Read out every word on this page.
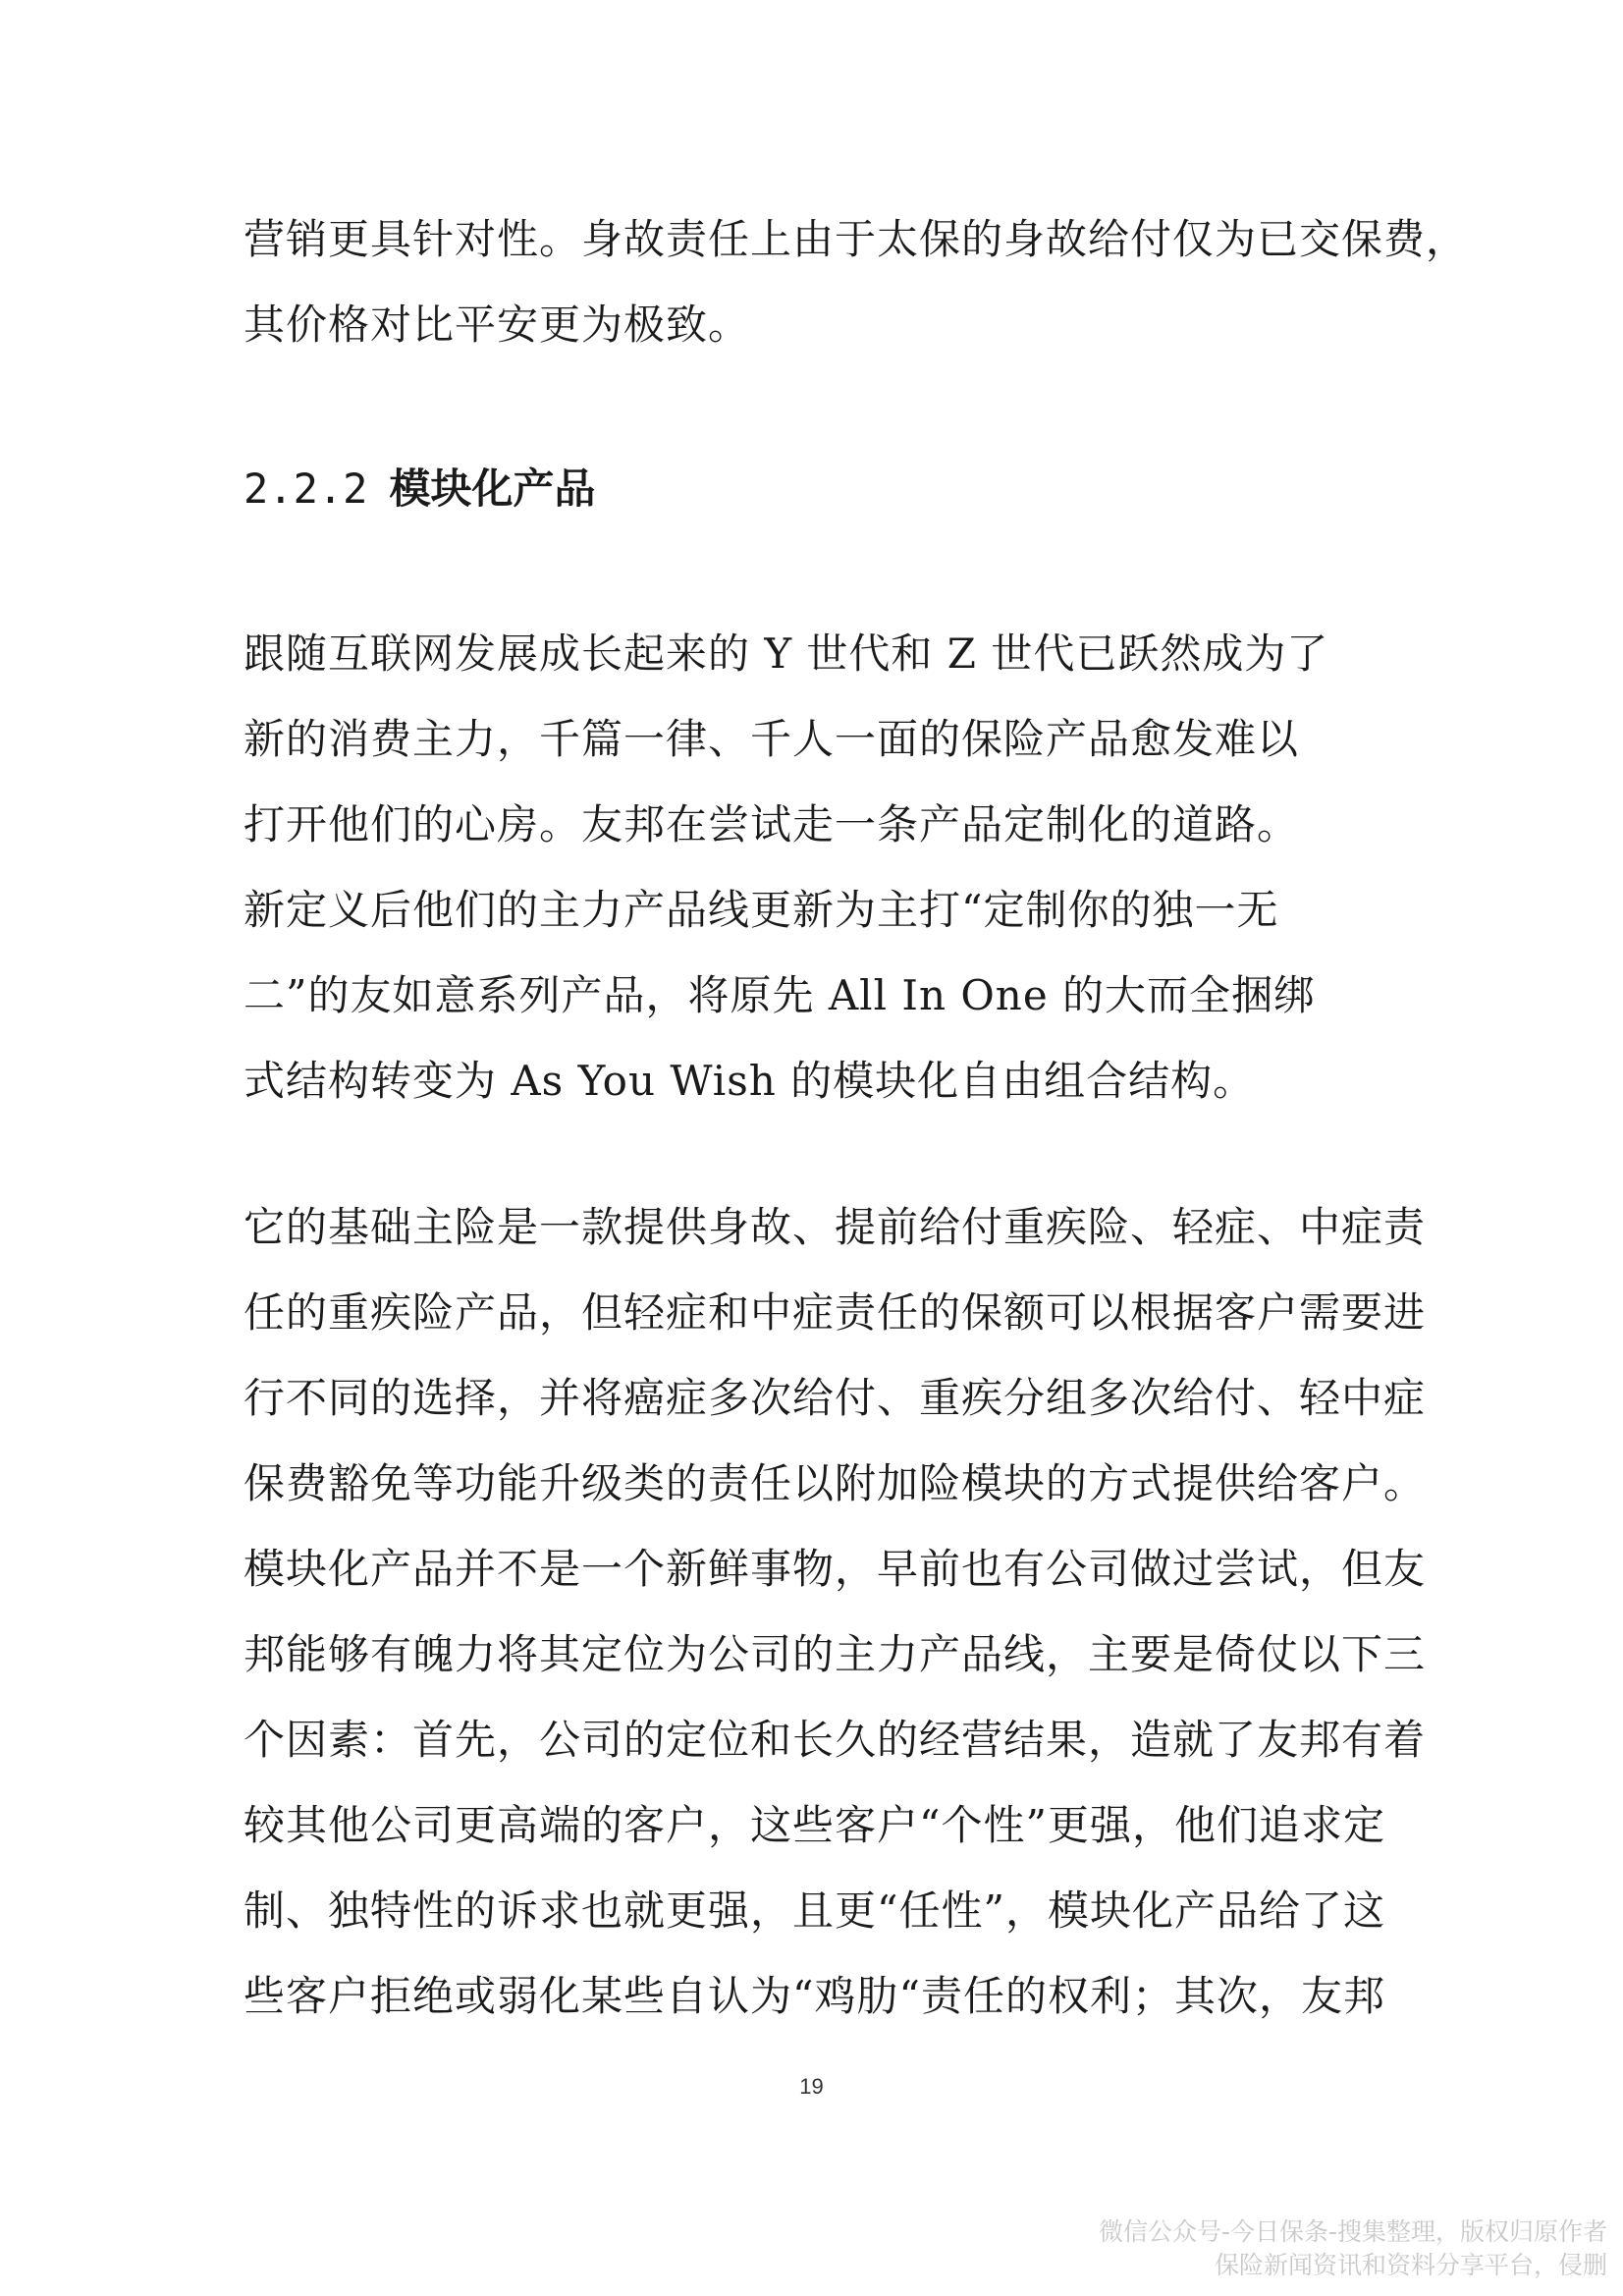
营销更具针对性。身故责任上由于太保的身故给付仅为已交保费，
其价格对比平安更为极致。
2.2.2 模块化产品
跟随互联网发展成长起来的 Y 世代和 Z 世代已跃然成为了
新的消费主力，千篇一律、千人一面的保险产品愈发难以
打开他们的心房。友邦在尝试走一条产品定制化的道路。
新定义后他们的主力产品线更新为主打“定制你的独一无
二”的友如意系列产品，将原先 All In One 的大而全捆绑
式结构转变为 As You Wish 的模块化自由组合结构。
它的基础主险是一款提供身故、提前给付重疾险、轻症、中症责
任的重疾险产品，但轻症和中症责任的保额可以根据客户需要进
行不同的选择，并将癌症多次给付、重疾分组多次给付、轻中症
保费豁免等功能升级类的责任以附加险模块的方式提供给客户。
模块化产品并不是一个新鲜事物，早前也有公司做过尝试，但友
邦能够有魄力将其定位为公司的主力产品线，主要是倚仗以下三
个因素：首先，公司的定位和长久的经营结果，造就了友邦有着
较其他公司更高端的客户，这些客户“个性”更强，他们追求定
制、独特性的诉求也就更强，且更“任性”，模块化产品给了这
些客户拒绝或弱化某些自认为“鸡肋“责任的权利；其次，友邦
19
微信公众号-今日保条-搜集整理，版权归原作者
保险新闻资讯和资料分享平台，侵删
